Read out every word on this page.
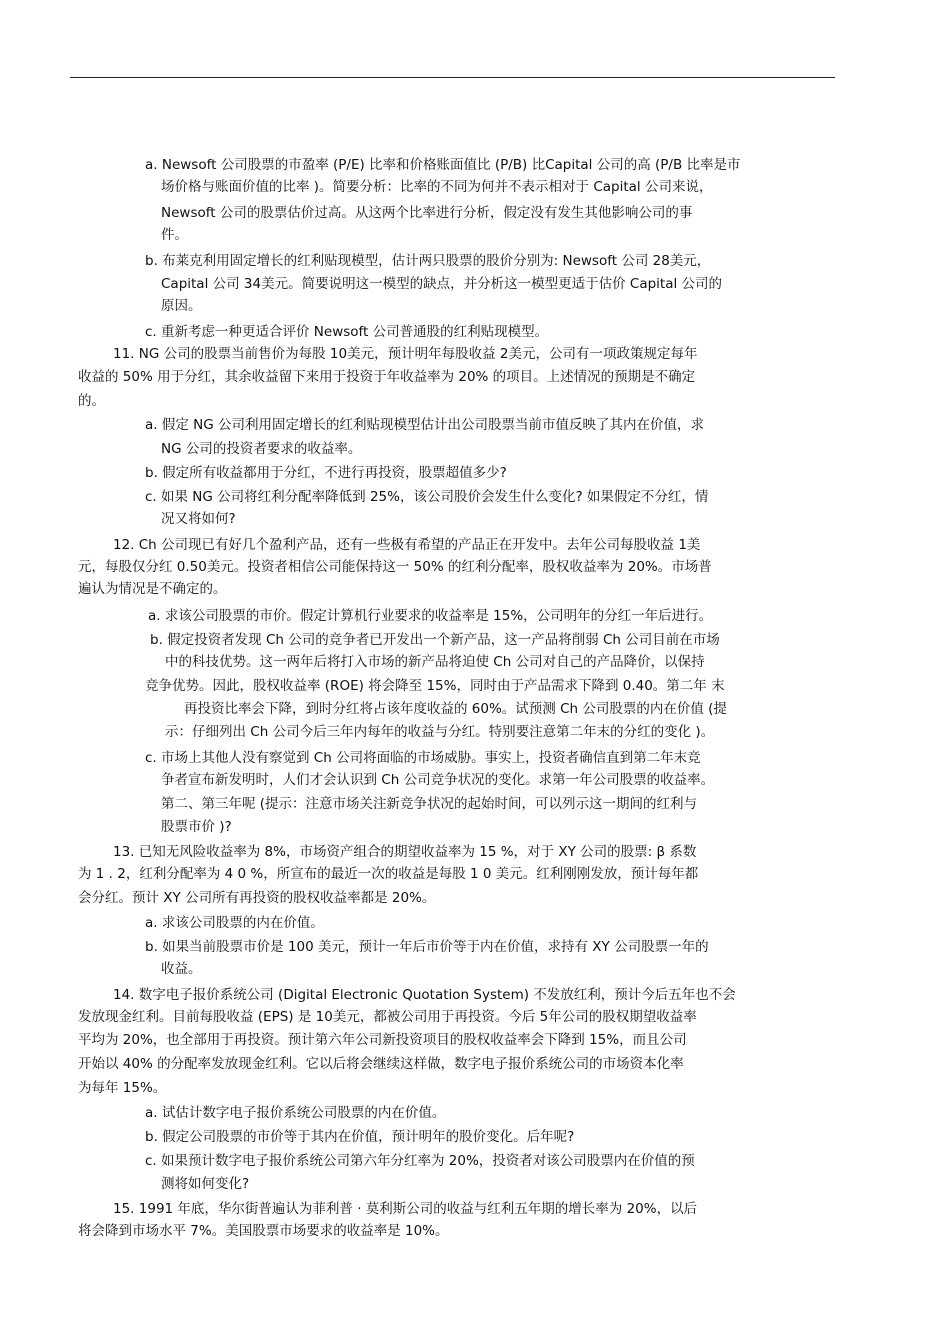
a. Newsoft 公司股票的市盈率 (P/E) 比率和价格账面值比 (P/B) 比Capital 公司的高 (P/B 比率是市
场价格与账面价值的比率 )。简要分析：比率的不同为何并不表示相对于 Capital 公司来说，
Newsoft 公司的股票估价过高。从这两个比率进行分析，假定没有发生其他影响公司的事
件。
b. 布莱克利用固定增长的红利贴现模型，估计两只股票的股价分别为: Newsoft 公司 28美元，
Capital 公司 34美元。简要说明这一模型的缺点，并分析这一模型更适于估价 Capital 公司的
原因。
c. 重新考虑一种更适合评价 Newsoft 公司普通股的红利贴现模型。
11. NG 公司的股票当前售价为每股 10美元，预计明年每股收益 2美元，公司有一项政策规定每年
收益的 50% 用于分红，其余收益留下来用于投资于年收益率为 20% 的项目。上述情况的预期是不确定
的。
a. 假定 NG 公司利用固定增长的红利贴现模型估计出公司股票当前市值反映了其内在价值，求
NG 公司的投资者要求的收益率。
b. 假定所有收益都用于分红，不进行再投资，股票超值多少?
c. 如果 NG 公司将红利分配率降低到 25%，该公司股价会发生什么变化? 如果假定不分红，情
况又将如何?
12. Ch 公司现已有好几个盈利产品，还有一些极有希望的产品正在开发中。去年公司每股收益 1美
元，每股仅分红 0.50美元。投资者相信公司能保持这一 50% 的红利分配率，股权收益率为 20%。市场普
遍认为情况是不确定的。
a. 求该公司股票的市价。假定计算机行业要求的收益率是 15%，公司明年的分红一年后进行。
b. 假定投资者发现 Ch 公司的竞争者已开发出一个新产品，这一产品将削弱 Ch 公司目前在市场
中的科技优势。这一两年后将打入市场的新产品将迫使 Ch 公司对自己的产品降价，以保持
竞争优势。因此，股权收益率 (ROE) 将会降至 15%，同时由于产品需求下降到 0.40。第二年 末
再投资比率会下降，到时分红将占该年度收益的 60%。试预测 Ch 公司股票的内在价值 (提
示：仔细列出 Ch 公司今后三年内每年的收益与分红。特别要注意第二年末的分红的变化 )。
c. 市场上其他人没有察觉到 Ch 公司将面临的市场威胁。事实上，投资者确信直到第二年末竞
争者宣布新发明时，人们才会认识到 Ch 公司竞争状况的变化。求第一年公司股票的收益率。
第二、第三年呢 (提示：注意市场关注新竞争状况的起始时间，可以列示这一期间的红利与
股票市价 )?
13. 已知无风险收益率为 8%，市场资产组合的期望收益率为 15 %，对于 XY 公司的股票: β 系数
为 1 . 2，红利分配率为 4 0 %，所宣布的最近一次的收益是每股 1 0 美元。红利刚刚发放，预计每年都
会分红。预计 XY 公司所有再投资的股权收益率都是 20%。
a. 求该公司股票的内在价值。
b. 如果当前股票市价是 100 美元，预计一年后市价等于内在价值，求持有 XY 公司股票一年的
收益。
14. 数字电子报价系统公司 (Digital Electronic Quotation System) 不发放红利，预计今后五年也不会
发放现金红利。目前每股收益 (EPS) 是 10美元，都被公司用于再投资。今后 5年公司的股权期望收益率
平均为 20%，也全部用于再投资。预计第六年公司新投资项目的股权收益率会下降到 15%，而且公司
开始以 40% 的分配率发放现金红利。它以后将会继续这样做，数字电子报价系统公司的市场资本化率
为每年 15%。
a. 试估计数字电子报价系统公司股票的内在价值。
b. 假定公司股票的市价等于其内在价值，预计明年的股价变化。后年呢?
c. 如果预计数字电子报价系统公司第六年分红率为 20%，投资者对该公司股票内在价值的预
测将如何变化?
15. 1991 年底，华尔街普遍认为菲利普 · 莫利斯公司的收益与红利五年期的增长率为 20%，以后
将会降到市场水平 7%。美国股票市场要求的收益率是 10%。
